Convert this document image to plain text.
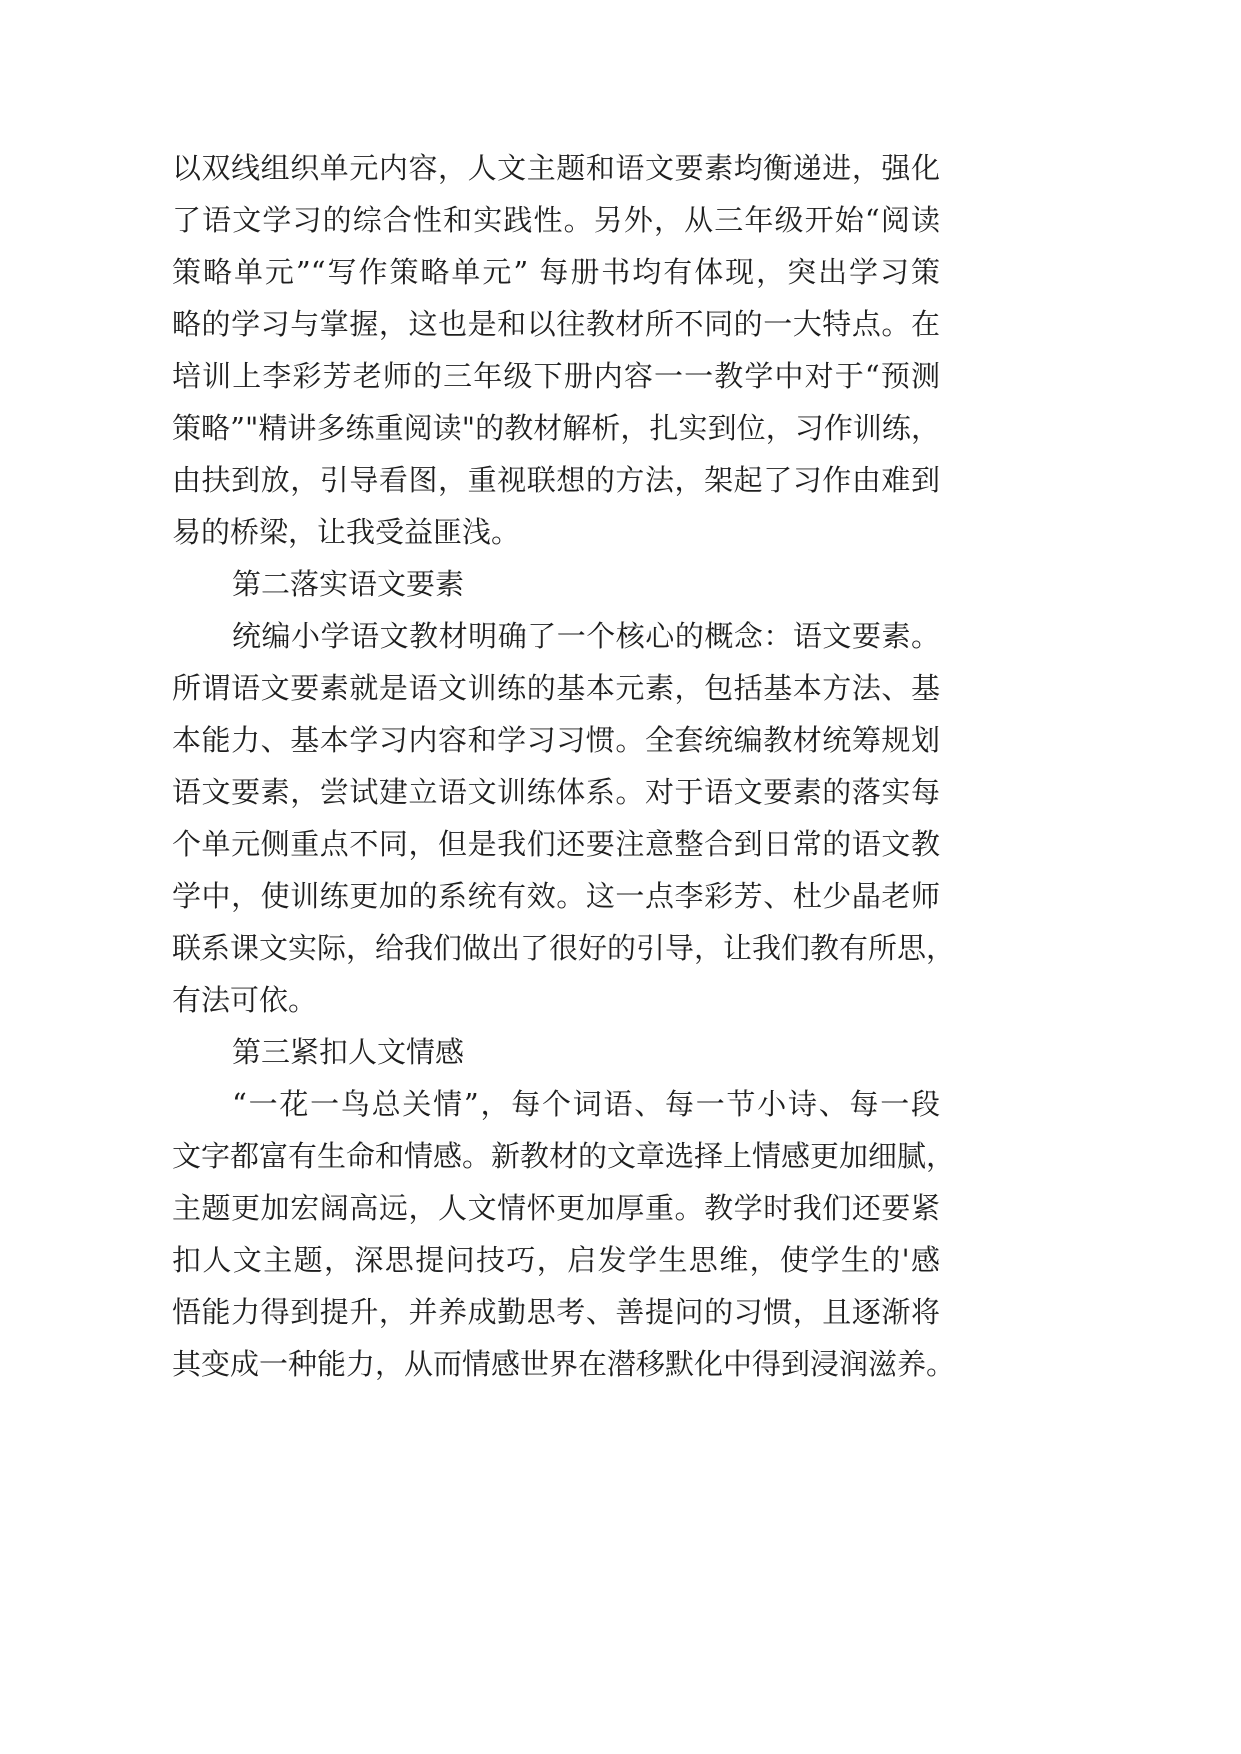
以双线组织单元内容，人文主题和语文要素均衡递进，强化
了语文学习的综合性和实践性。另外，从三年级开始“阅读
策略单元”“写作策略单元” 每册书均有体现，突出学习策
略的学习与掌握，这也是和以往教材所不同的一大特点。在
培训上李彩芳老师的三年级下册内容一一教学中对于“预测
策略”"精讲多练重阅读"的教材解析，扎实到位，习作训练，
由扶到放，引导看图，重视联想的方法，架起了习作由难到
易的桥梁，让我受益匪浅。
第二落实语文要素
统编小学语文教材明确了一个核心的概念：语文要素。
所谓语文要素就是语文训练的基本元素，包括基本方法、基
本能力、基本学习内容和学习习惯。全套统编教材统筹规划
语文要素，尝试建立语文训练体系。对于语文要素的落实每
个单元侧重点不同，但是我们还要注意整合到日常的语文教
学中，使训练更加的系统有效。这一点李彩芳、杜少晶老师
联系课文实际，给我们做出了很好的引导，让我们教有所思，
有法可依。
第三紧扣人文情感
“一花一鸟总关情”，每个词语、每一节小诗、每一段
文字都富有生命和情感。新教材的文章选择上情感更加细腻，
主题更加宏阔高远，人文情怀更加厚重。教学时我们还要紧
扣人文主题，深思提问技巧，启发学生思维，使学生的'感
悟能力得到提升，并养成勤思考、善提问的习惯，且逐渐将
其变成一种能力，从而情感世界在潜移默化中得到浸润滋养。
